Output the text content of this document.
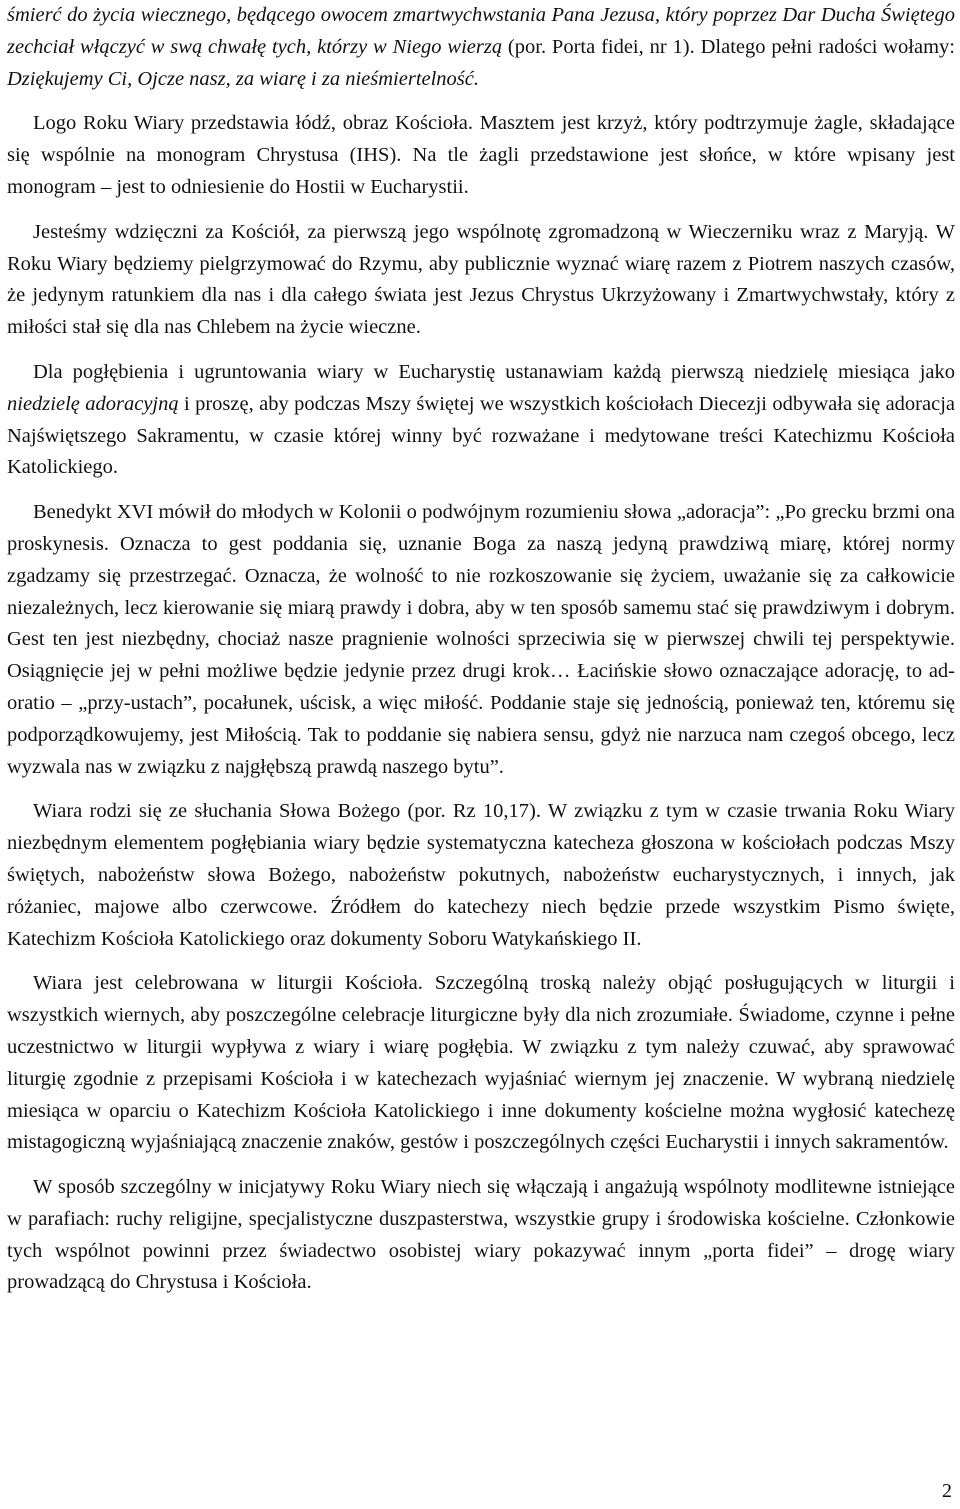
śmierć do życia wiecznego, będącego owocem zmartwychwstania Pana Jezusa, który poprzez Dar Ducha Świętego zechciał włączyć w swą chwałę tych, którzy w Niego wierzą (por. Porta fidei, nr 1). Dlatego pełni radości wołamy: Dziękujemy Ci, Ojcze nasz, za wiarę i za nieśmiertelność.

Logo Roku Wiary przedstawia łódź, obraz Kościoła. Masztem jest krzyż, który podtrzymuje żagle, składające się wspólnie na monogram Chrystusa (IHS). Na tle żagli przedstawione jest słońce, w które wpisany jest monogram – jest to odniesienie do Hostii w Eucharystii.

Jesteśmy wdzięczni za Kościół, za pierwszą jego wspólnotę zgromadzoną w Wieczerniku wraz z Maryją. W Roku Wiary będziemy pielgrzymować do Rzymu, aby publicznie wyznać wiarę razem z Piotrem naszych czasów, że jedynym ratunkiem dla nas i dla całego świata jest Jezus Chrystus Ukrzyżowany i Zmartwychwstały, który z miłości stał się dla nas Chlebem na życie wieczne.

Dla pogłębienia i ugruntowania wiary w Eucharystię ustanawiam każdą pierwszą niedzielę miesiąca jako niedzielę adoracyjną i proszę, aby podczas Mszy świętej we wszystkich kościołach Diecezji odbywała się adoracja Najświętszego Sakramentu, w czasie której winny być rozważane i medytowane treści Katechizmu Kościoła Katolickiego.

Benedykt XVI mówił do młodych w Kolonii o podwójnym rozumieniu słowa „adoracja”: „Po grecku brzmi ona proskynesis. Oznacza to gest poddania się, uznanie Boga za naszą jedyną prawdziwą miarę, której normy zgadzamy się przestrzegać. Oznacza, że wolność to nie rozkoszowanie się życiem, uważanie się za całkowicie niezależnych, lecz kierowanie się miarą prawdy i dobra, aby w ten sposób samemu stać się prawdziwym i dobrym. Gest ten jest niezbędny, chociaż nasze pragnienie wolności sprzeciwia się w pierwszej chwili tej perspektywie. Osiągnięcie jej w pełni możliwe będzie jedynie przez drugi krok… Łacińskie słowo oznaczające adorację, to ad-oratio – „przy-ustach”, pocałunek, uścisk, a więc miłość. Poddanie staje się jednością, ponieważ ten, któremu się podporządkowujemy, jest Miłością. Tak to poddanie się nabiera sensu, gdyż nie narzuca nam czegoś obcego, lecz wyzwala nas w związku z najgłębszą prawdą naszego bytu”.

Wiara rodzi się ze słuchania Słowa Bożego (por. Rz 10,17). W związku z tym w czasie trwania Roku Wiary niezbędnym elementem pogłębiania wiary będzie systematyczna katecheza głoszona w kościołach podczas Mszy świętych, nabożeństw słowa Bożego, nabożeństw pokutnych, nabożeństw eucharystycznych, i innych, jak różaniec, majowe albo czerwcowe. Źródłem do katechezy niech będzie przede wszystkim Pismo święte, Katechizm Kościoła Katolickiego oraz dokumenty Soboru Watykańskiego II.

Wiara jest celebrowana w liturgii Kościoła. Szczególną troską należy objąć posługujących w liturgii i wszystkich wiernych, aby poszczególne celebracje liturgiczne były dla nich zrozumiałe. Świadome, czynne i pełne uczestnictwo w liturgii wypływa z wiary i wiarę pogłębia. W związku z tym należy czuwać, aby sprawować liturgię zgodnie z przepisami Kościoła i w katechezach wyjaśniać wiernym jej znaczenie. W wybraną niedzielę miesiąca w oparciu o Katechizm Kościoła Katolickiego i inne dokumenty kościelne można wygłosić katechezę mistagogiczną wyjaśniającą znaczenie znaków, gestów i poszczególnych części Eucharystii i innych sakramentów.

W sposób szczególny w inicjatywy Roku Wiary niech się włączają i angażują wspólnoty modlitewne istniejące w parafiach: ruchy religijne, specjalistyczne duszpasterstwa, wszystkie grupy i środowiska kościelne. Członkowie tych wspólnot powinni przez świadectwo osobistej wiary pokazywać innym „porta fidei” – drogę wiary prowadzącą do Chrystusa i Kościoła.

2
